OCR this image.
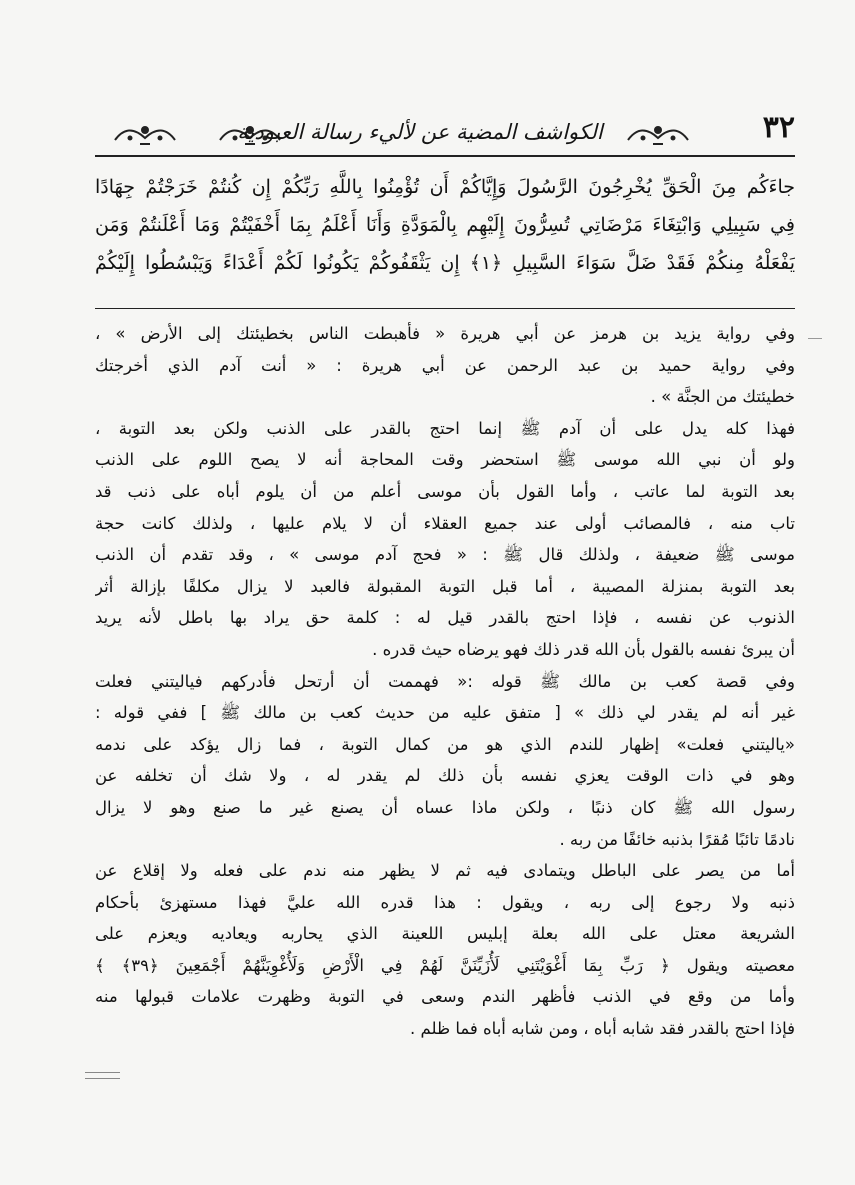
الكواشف المضية عن لأليء رسالة العبودية	٣٢
جاءَكُم مِنَ الْحَقِّ يُخْرِجُونَ الرَّسُولَ وَإِيَّاكُمْ أَن تُؤْمِنُوا بِاللَّهِ رَبِّكُمْ إِن كُنتُمْ خَرَجْتُمْ جِهَادًا
فِي سَبِيلِي وَابْتِغَاءَ مَرْضَاتِي تُسِرُّونَ إِلَيْهِم بِالْمَوَدَّةِ وَأَنَا أَعْلَمُ بِمَا أَخْفَيْتُمْ وَمَا أَعْلَنتُمْ وَمَن
يَفْعَلْهُ مِنكُمْ فَقَدْ ضَلَّ سَوَاءَ السَّبِيلِ ﴿١﴾ إِن يَثْقَفُوكُمْ يَكُونُوا لَكُمْ أَعْدَاءً وَيَبْسُطُوا إِلَيْكُمْ
وفي رواية يزيد بن هرمز عن أبي هريرة « فأهبطت الناس بخطيئتك إلى الأرض » ،
وفي رواية حميد بن عبد الرحمن عن أبي هريرة : « أنت آدم الذي أخرجتك
خطيئتك من الجنَّة » .
فهذا كله يدل على أن آدم ﷺ إنما احتج بالقدر على الذنب ولكن بعد التوبة ،
ولو أن نبي الله موسى ﷺ استحضر وقت المحاجة أنه لا يصح اللوم على الذنب
بعد التوبة لما عاتب ، وأما القول بأن موسى أعلم من أن يلوم أباه على ذنب قد
تاب منه ، فالمصائب أولى عند جميع العقلاء أن لا يلام عليها ، ولذلك كانت حجة
موسى ﷺ ضعيفة ، ولذلك قال ﷺ : « فحج آدم موسى » ، وقد تقدم أن الذنب
بعد التوبة بمنزلة المصيبة ، أما قبل التوبة المقبولة فالعبد لا يزال مكلفًا بإزالة أثر
الذنوب عن نفسه ، فإذا احتج بالقدر قيل له : كلمة حق يراد بها باطل لأنه يريد
أن يبرئ نفسه بالقول بأن الله قدر ذلك فهو يرضاه حيث قدره .
وفي قصة كعب بن مالك ﷺ قوله :« فهممت أن أرتحل فأدركهم فياليتني فعلت
غير أنه لم يقدر لي ذلك » [ متفق عليه من حديث كعب بن مالك ﷺ ] ففي قوله :
«ياليتني فعلت» إظهار للندم الذي هو من كمال التوبة ، فما زال يؤكد على ندمه
وهو في ذات الوقت يعزي نفسه بأن ذلك لم يقدر له ، ولا شك أن تخلفه عن
رسول الله ﷺ كان ذنبًا ، ولكن ماذا عساه أن يصنع غير ما صنع وهو لا يزال
نادمًا تائبًا مُقرًا بذنبه خائفًا من ربه .
أما من يصر على الباطل ويتمادى فيه ثم لا يظهر منه ندم على فعله ولا إقلاع عن
ذنبه ولا رجوع إلى ربه ، ويقول : هذا قدره الله عليَّ فهذا مستهزئ بأحكام
الشريعة معتل على الله بعلة إبليس اللعينة الذي يحاربه ويعاديه ويعزم على
معصيته ويقول ﴿ رَبِّ بِمَا أَغْوَيْتَنِي لَأُزَيِّنَنَّ لَهُمْ فِي الْأَرْضِ وَلَأُغْوِيَنَّهُمْ أَجْمَعِينَ ﴿٣٩﴾ ﴾
وأما من وقع في الذنب فأظهر الندم وسعى في التوبة وظهرت علامات قبولها منه
فإذا احتج بالقدر فقد شابه أباه ، ومن شابه أباه فما ظلم .
